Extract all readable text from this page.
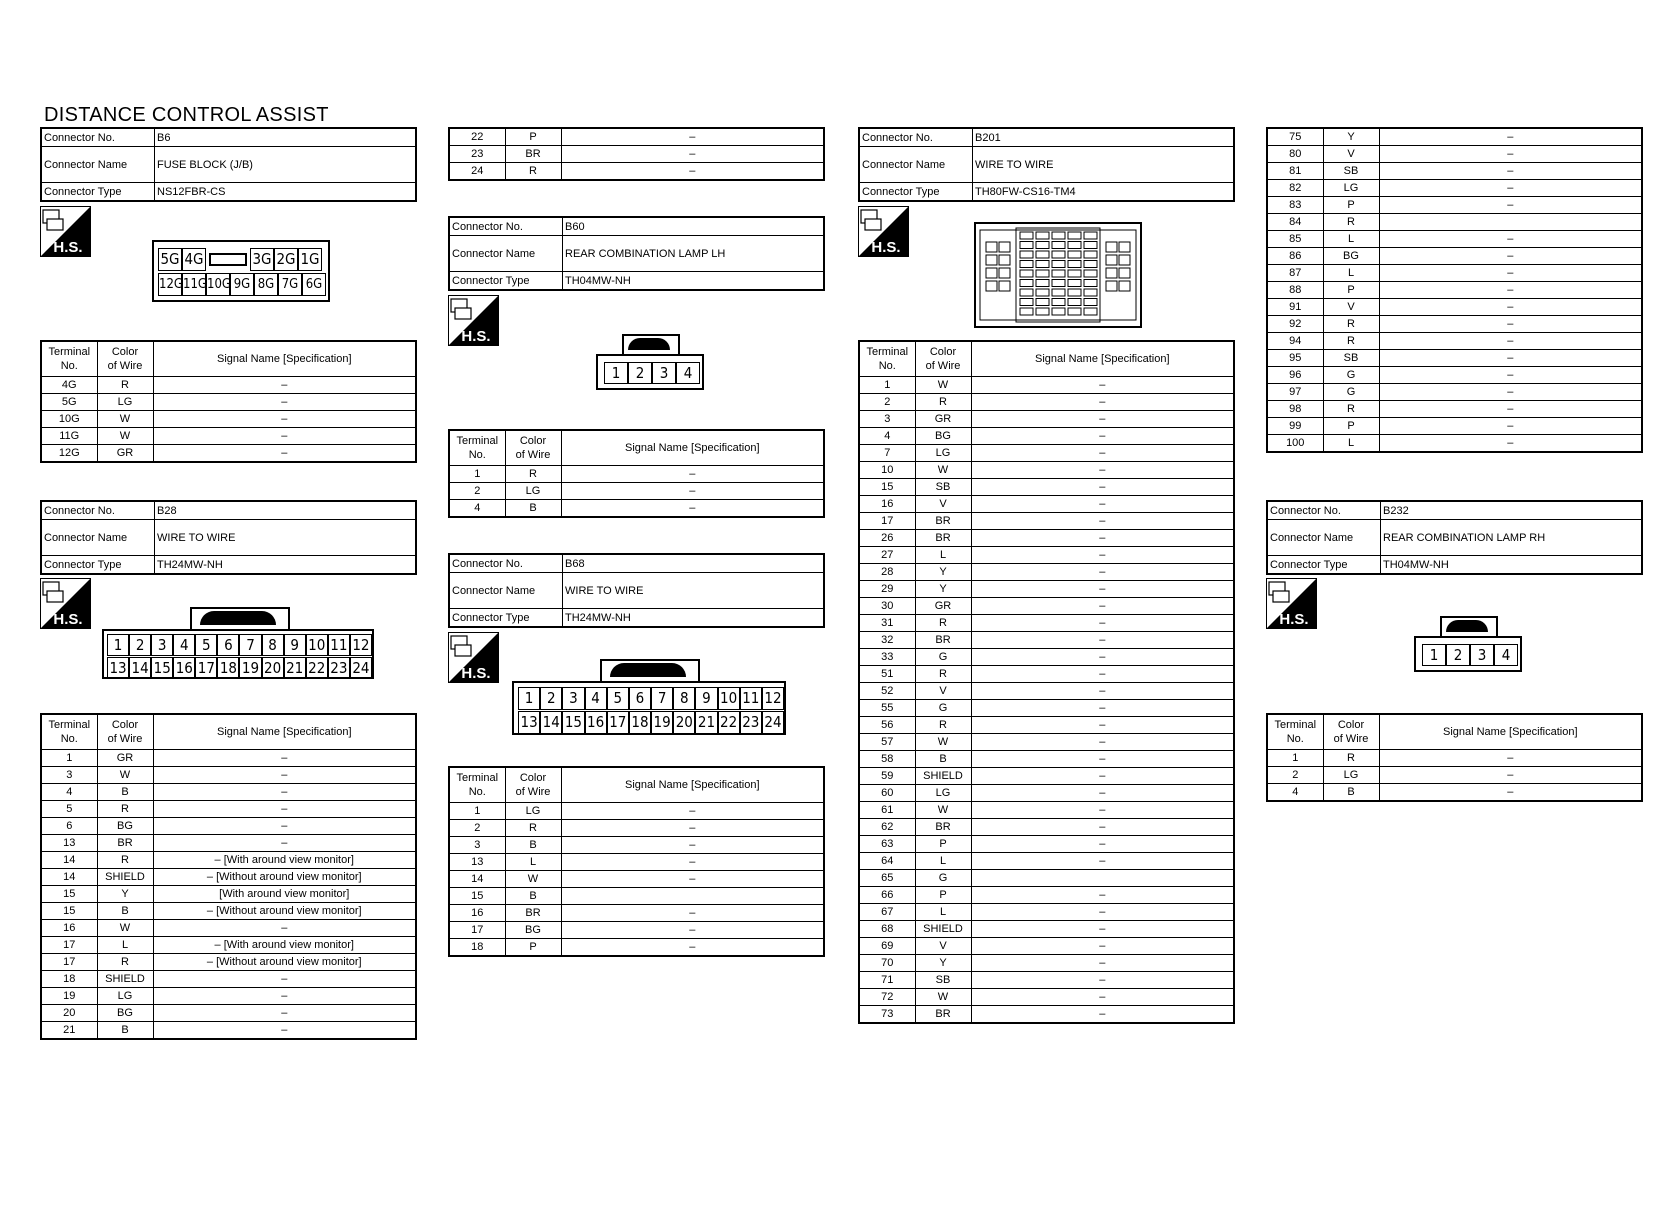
DISTANCE CONTROL ASSIST
Connector No.	B6
Connector Name	FUSE BLOCK (J/B)
Connector Type	NS12FBR-CS
H.S.
5G 4G	3G 2G 1G
12G 11G 10G 9G 8G 7G 6G
Terminal
No.	Color
of Wire	Signal Name [Specification]
4G	R	–
5G	LG	–
10G	W	–
11G	W	–
12G	GR	–
Connector No.	B28
Connector Name	WIRE TO WIRE
Connector Type	TH24MW-NH
H.S.
1 2 3 4 5 6 7 8 9 10 11 12
13 14 15 16 17 18 19 20 21 22 23 24
Terminal
No.	Color
of Wire	Signal Name [Specification]
1	GR	–
3	W	–
4	B	–
5	R	–
6	BG	–
13	BR	–
14	R	– [With around view monitor]
14	SHIELD	– [Without around view monitor]
15	Y	[With around view monitor]
15	B	– [Without around view monitor]
16	W	–
17	L	– [With around view monitor]
17	R	– [Without around view monitor]
18	SHIELD	–
19	LG	–
20	BG	–
21	B	–
22	P	–
23	BR	–
24	R	–
Connector No.	B60
Connector Name	REAR COMBINATION LAMP LH
Connector Type	TH04MW-NH
H.S.
1	2	3	4
Terminal
No.	Color
of Wire	Signal Name [Specification]
1	R	–
2	LG	–
4	B	–
Connector No.	B68
Connector Name	WIRE TO WIRE
Connector Type	TH24MW-NH
H.S.
1 2 3 4 5 6 7 8 9 10 11 12
13 14 15 16 17 18 19 20 21 22 23 24
Terminal
No.	Color
of Wire	Signal Name [Specification]
1	LG	–
2	R	–
3	B	–
13	L	–
14	W	–
15	B	
16	BR	–
17	BG	–
18	P	–
Connector No.	B201
Connector Name	WIRE TO WIRE
Connector Type	TH80FW-CS16-TM4
H.S.
Terminal
No.	Color
of Wire	Signal Name [Specification]
1	W	–
2	R	–
3	GR	–
4	BG	–
7	LG	–
10	W	–
15	SB	–
16	V	–
17	BR	–
26	BR	–
27	L	–
28	Y	–
29	Y	–
30	GR	–
31	R	–
32	BR	–
33	G	–
51	R	–
52	V	–
55	G	–
56	R	–
57	W	–
58	B	–
59	SHIELD	–
60	LG	–
61	W	–
62	BR	–
63	P	–
64	L	–
65	G	
66	P	–
67	L	–
68	SHIELD	–
69	V	–
70	Y	–
71	SB	–
72	W	–
73	BR	–
75	Y	–
80	V	–
81	SB	–
82	LG	–
83	P	–
84	R	
85	L	–
86	BG	–
87	L	–
88	P	–
91	V	–
92	R	–
94	R	–
95	SB	–
96	G	–
97	G	–
98	R	–
99	P	–
100	L	–
Connector No.	B232
Connector Name	REAR COMBINATION LAMP RH
Connector Type	TH04MW-NH
H.S.
1	2	3	4
Terminal
No.	Color
of Wire	Signal Name [Specification]
1	R	–
2	LG	–
4	B	–
